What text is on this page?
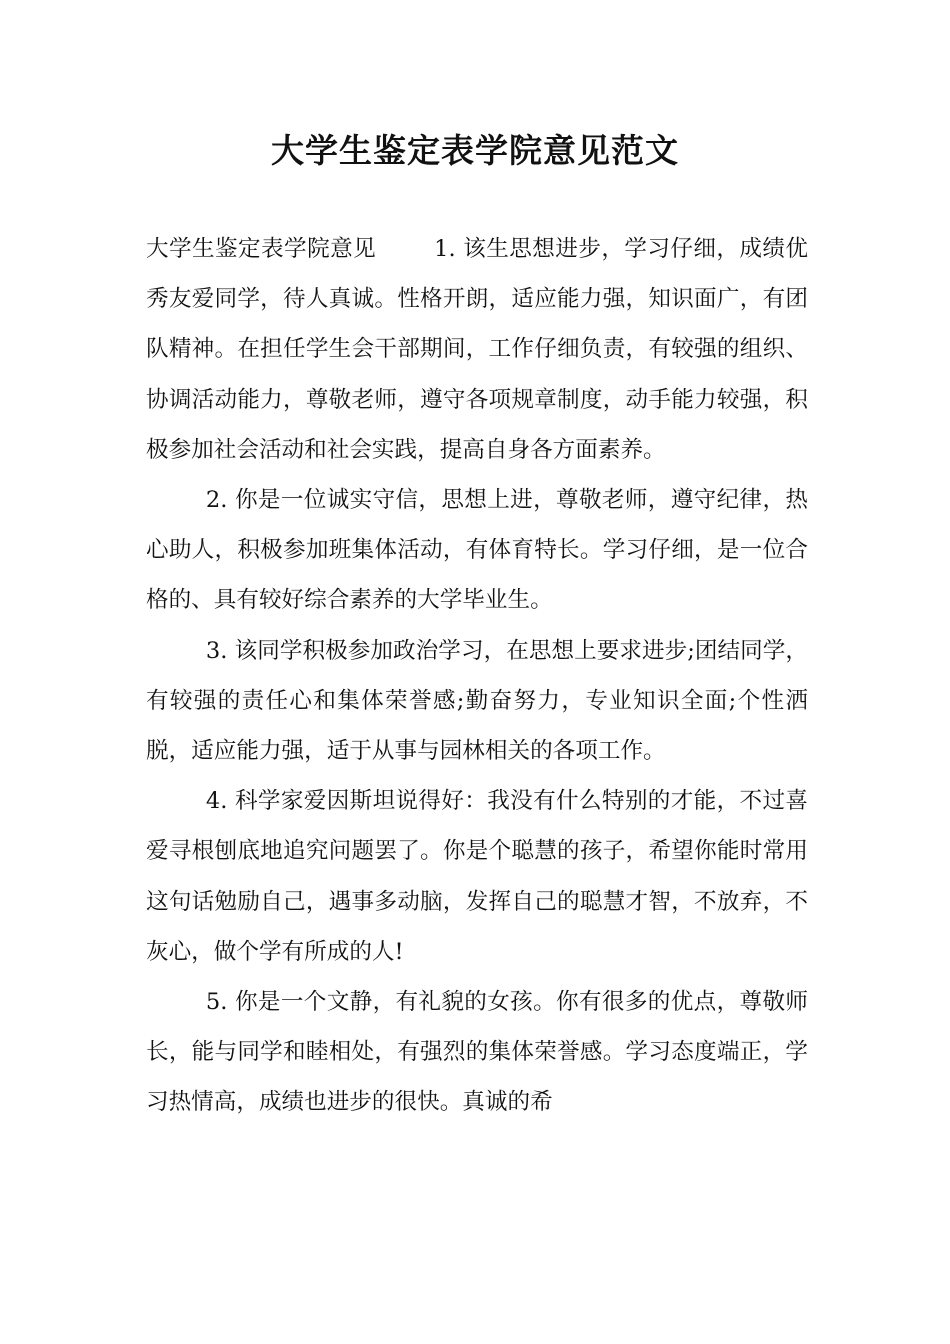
大学生鉴定表学院意见范文

大学生鉴定表学院意见	1. 该生思想进步，学习仔细，成绩优秀友爱同学，待人真诚。性格开朗，适应能力强，知识面广，有团队精神。在担任学生会干部期间，工作仔细负责，有较强的组织、协调活动能力，尊敬老师，遵守各项规章制度，动手能力较强，积极参加社会活动和社会实践，提高自身各方面素养。

2. 你是一位诚实守信，思想上进，尊敬老师，遵守纪律，热心助人，积极参加班集体活动，有体育特长。学习仔细，是一位合格的、具有较好综合素养的大学毕业生。

3. 该同学积极参加政治学习，在思想上要求进步;团结同学，有较强的责任心和集体荣誉感;勤奋努力，专业知识全面;个性洒脱，适应能力强，适于从事与园林相关的各项工作。

4. 科学家爱因斯坦说得好：我没有什么特别的才能，不过喜爱寻根刨底地追究问题罢了。你是个聪慧的孩子，希望你能时常用这句话勉励自己，遇事多动脑，发挥自己的聪慧才智，不放弃，不灰心，做个学有所成的人!

5. 你是一个文静，有礼貌的女孩。你有很多的优点，尊敬师长，能与同学和睦相处，有强烈的集体荣誉感。学习态度端正，学习热情高，成绩也进步的很快。真诚的希
